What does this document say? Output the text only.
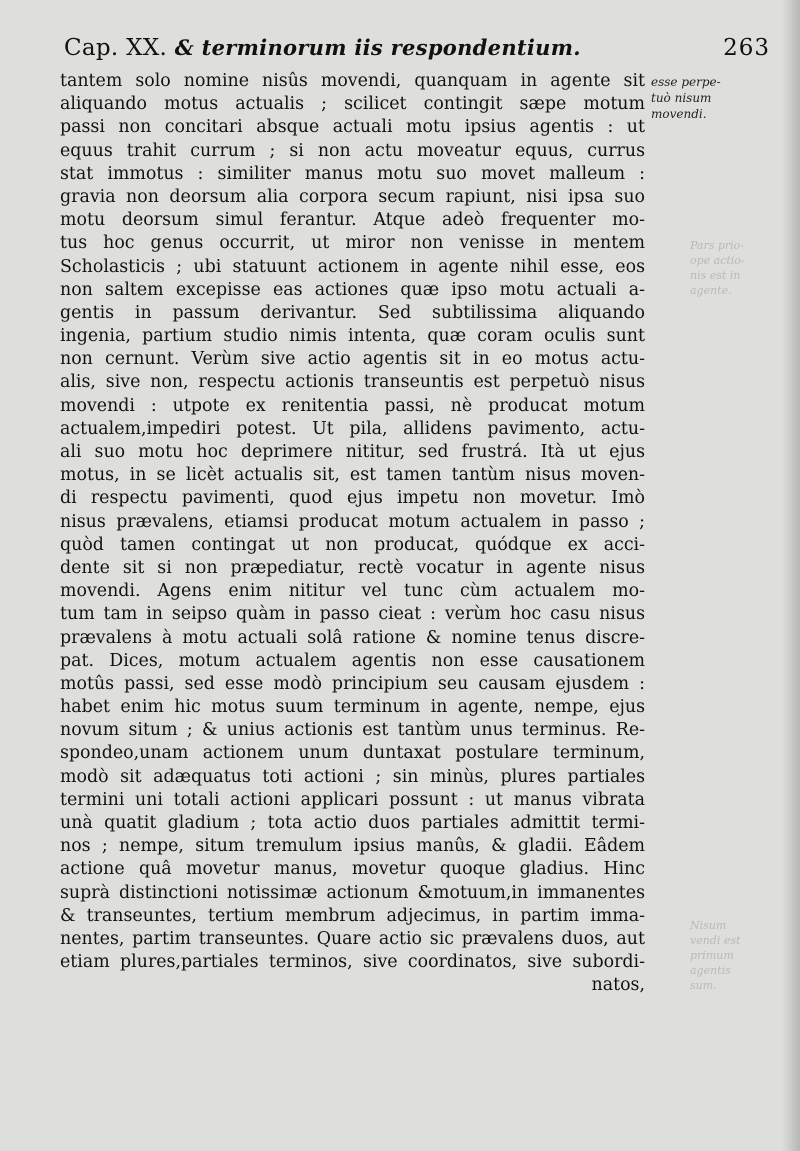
Cap. XX. & terminorum iis respondentium.	263
tantem solo nomine nisûs movendi, quanquam in agente sit
aliquando motus actualis ; scilicet contingit sæpe motum
passi non concitari absque actuali motu ipsius agentis : ut
equus trahit currum ; si non actu moveatur equus, currus
stat immotus : similiter manus motu suo movet malleum :
gravia non deorsum alia corpora secum rapiunt, nisi ipsa suo
motu deorsum simul ferantur. Atque adeò frequenter mo-
tus hoc genus occurrit, ut miror non venisse in mentem
Scholasticis ; ubi statuunt actionem in agente nihil esse, eos
non saltem excepisse eas actiones quæ ipso motu actuali a-
gentis in passum derivantur. Sed subtilissima aliquando
ingenia, partium studio nimis intenta, quæ coram oculis sunt
non cernunt. Verùm sive actio agentis sit in eo motus actu-
alis, sive non, respectu actionis transeuntis est perpetuò nisus
movendi : utpote ex renitentia passi, nè producat motum
actualem,impediri potest. Ut pila, allidens pavimento, actu-
ali suo motu hoc deprimere nititur, sed frustrá. Ità ut ejus
motus, in se licèt actualis sit, est tamen tantùm nisus moven-
di respectu pavimenti, quod ejus impetu non movetur. Imò
nisus prævalens, etiamsi producat motum actualem in passo ;
quòd tamen contingat ut non producat, quódque ex acci-
dente sit si non præpediatur, rectè vocatur in agente nisus
movendi. Agens enim nititur vel tunc cùm actualem mo-
tum tam in seipso quàm in passo cieat : verùm hoc casu nisus
prævalens à motu actuali solâ ratione & nomine tenus discre-
pat. Dices, motum actualem agentis non esse causationem
motûs passi, sed esse modò principium seu causam ejusdem :
habet enim hic motus suum terminum in agente, nempe, ejus
novum situm ; & unius actionis est tantùm unus terminus. Re-
spondeo,unam actionem unum duntaxat postulare terminum,
modò sit adæquatus toti actioni ; sin minùs, plures partiales
termini uni totali actioni applicari possunt : ut manus vibrata
unà quatit gladium ; tota actio duos partiales admittit termi-
nos ; nempe, situm tremulum ipsius manûs, & gladii. Eâdem
actione quâ movetur manus, movetur quoque gladius. Hinc
suprà distinctioni notissimæ actionum &motuum,in immanentes
& transeuntes, tertium membrum adjecimus, in partim imma-
nentes, partim transeuntes. Quare actio sic prævalens duos, aut
etiam plures,partiales terminos, sive coordinatos, sive subordi-
natos,
esse perpe-
tuò nisum
movendi.
Pars prio-
ope actio-
nis est in
agente.
Nisum
vendi est
primum
agentis
sum.
